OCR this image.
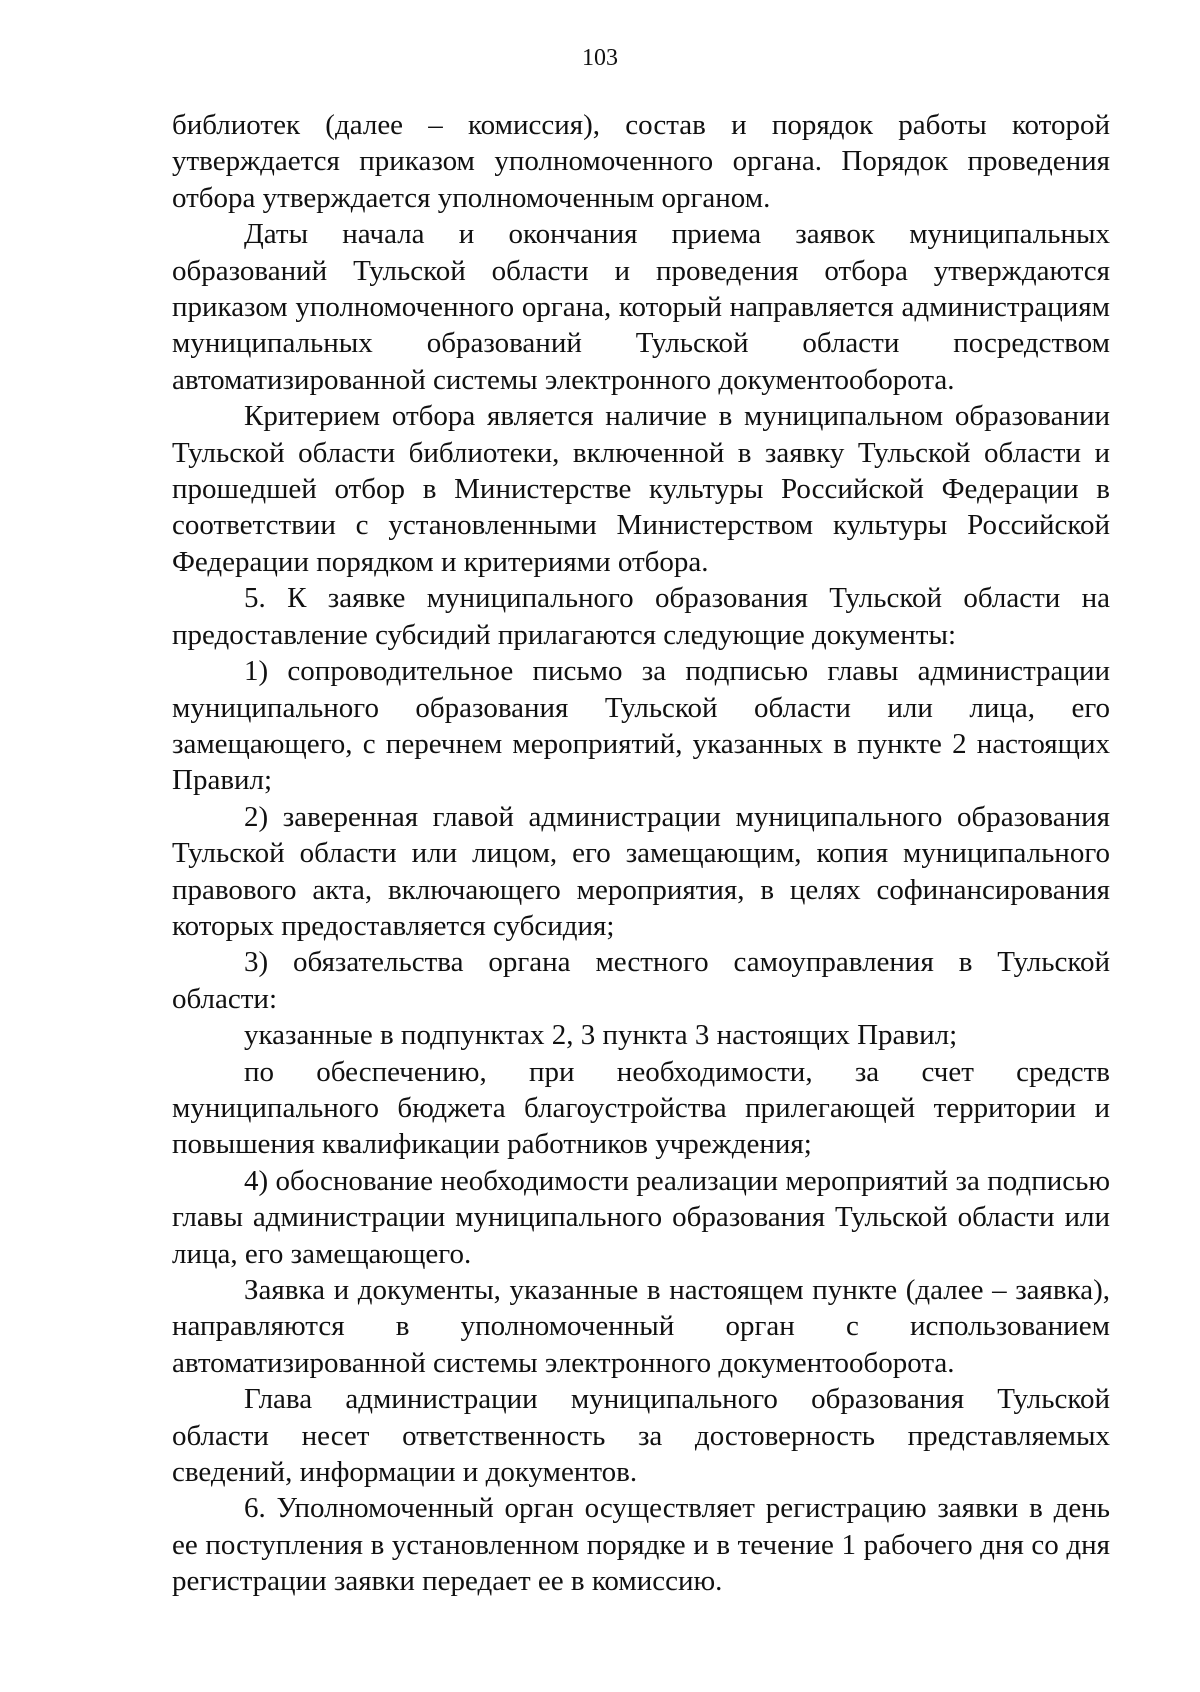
103

библиотек (далее – комиссия), состав и порядок работы которой утверждается приказом уполномоченного органа. Порядок проведения отбора утверждается уполномоченным органом.

Даты начала и окончания приема заявок муниципальных образований Тульской области и проведения отбора утверждаются приказом уполномоченного органа, который направляется администрациям муниципальных образований Тульской области посредством автоматизированной системы электронного документооборота.

Критерием отбора является наличие в муниципальном образовании Тульской области библиотеки, включенной в заявку Тульской области и прошедшей отбор в Министерстве культуры Российской Федерации в соответствии с установленными Министерством культуры Российской Федерации порядком и критериями отбора.

5. К заявке муниципального образования Тульской области на предоставление субсидий прилагаются следующие документы:

1) сопроводительное письмо за подписью главы администрации муниципального образования Тульской области или лица, его замещающего, с перечнем мероприятий, указанных в пункте 2 настоящих Правил;

2) заверенная главой администрации муниципального образования Тульской области или лицом, его замещающим, копия муниципального правового акта, включающего мероприятия, в целях софинансирования которых предоставляется субсидия;

3) обязательства органа местного самоуправления в Тульской области:

указанные в подпунктах 2, 3 пункта 3 настоящих Правил;

по обеспечению, при необходимости, за счет средств муниципального бюджета благоустройства прилегающей территории и повышения квалификации работников учреждения;

4) обоснование необходимости реализации мероприятий за подписью главы администрации муниципального образования Тульской области или лица, его замещающего.

Заявка и документы, указанные в настоящем пункте (далее – заявка), направляются в уполномоченный орган с использованием автоматизированной системы электронного документооборота.

Глава администрации муниципального образования Тульской области несет ответственность за достоверность представляемых сведений, информации и документов.

6. Уполномоченный орган осуществляет регистрацию заявки в день ее поступления в установленном порядке и в течение 1 рабочего дня со дня регистрации заявки передает ее в комиссию.
